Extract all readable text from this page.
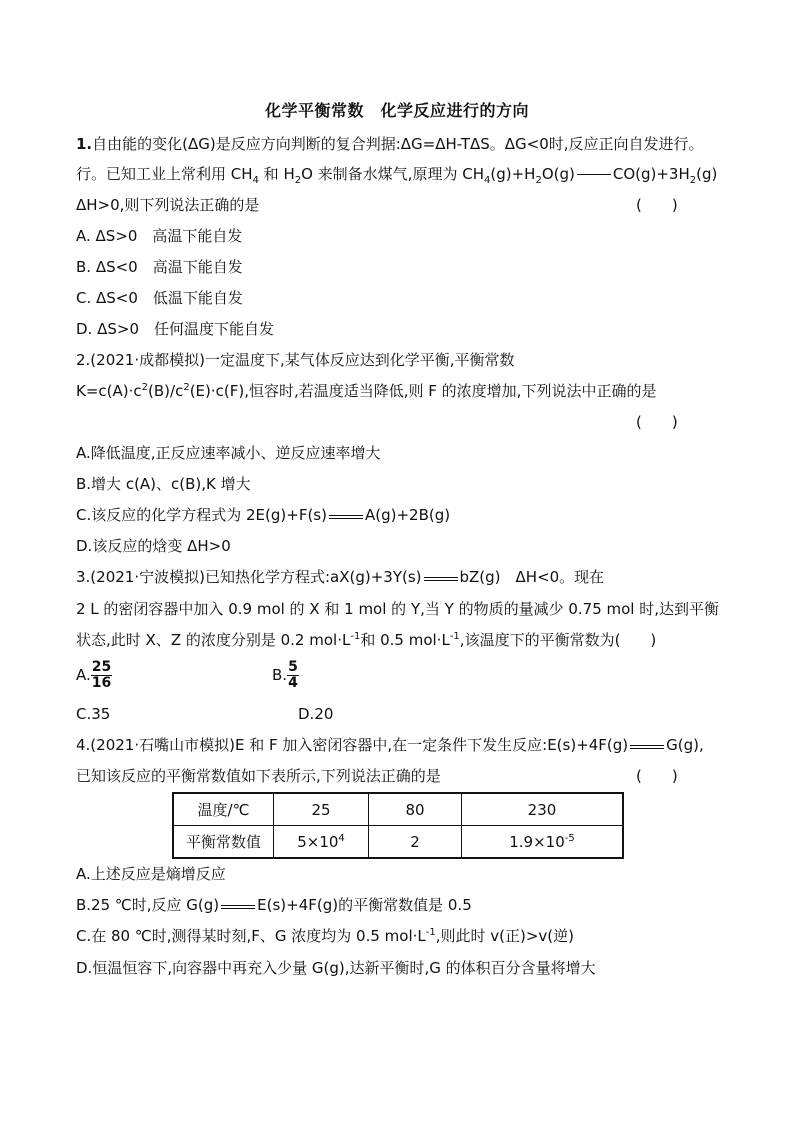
化学平衡常数　化学反应进行的方向
1.自由能的变化(ΔG)是反应方向判断的复合判据:ΔG=ΔH-TΔS。ΔG<0时,反应正向自发进行。
行。已知工业上常利用 $CH_4$ 和 $H_2O$ 来制备水煤气,原理为 $CH_4(g)+H_2O(g)$	$CO(g)+3H_2(g)$
ΔH>0,则下列说法正确的是	(　　)
A. ΔS>0　高温下能自发
B. ΔS<0　高温下能自发
C. ΔS<0　低温下能自发
D. ΔS>0　任何温度下能自发
2.(2021·成都模拟)一定温度下,某气体反应达到化学平衡,平衡常数
$K=c(A)\cdot c^2(B)/c^2(E)\cdot c(F)$,恒容时,若温度适当降低,则 F 的浓度增加,下列说法中正确的是
(　　)
A.降低温度,正反应速率减小、逆反应速率增大
B.增大 c(A)、c(B),K 增大
C.该反应的化学方程式为 2E(g)+F(s)	A(g)+2B(g)
D.该反应的焓变 ΔH>0
3.(2021·宁波模拟)已知热化学方程式:aX(g)+3Y(s)	bZ(g)　ΔH<0。现在
2 L 的密闭容器中加入 0.9 mol 的 X 和 1 mol 的 Y,当 Y 的物质的量减少 0.75 mol 时,达到平衡
状态,此时 X、Z 的浓度分别是 0.2 $mol\cdot L^{-1}$和 0.5 $mol\cdot L^{-1}$,该温度下的平衡常数为(　　)
A. $\frac{25}{16}$	B. $\frac{5}{4}$
C.35	D.20
4.(2021·石嘴山市模拟)E 和 F 加入密闭容器中,在一定条件下发生反应:E(s)+4F(g)	G(g),
已知该反应的平衡常数值如下表所示,下列说法正确的是	(　　)
温度/℃	25	80	230
平衡常数值	$5\times 10^4$	2	$1.9\times 10^{-5}$
A.上述反应是熵增反应
B.25 ℃时,反应 G(g)	E(s)+4F(g)的平衡常数值是 0.5
C.在 80 ℃时,测得某时刻,F、G 浓度均为 0.5 $mol\cdot L^{-1}$,则此时 v(正)>v(逆)
D.恒温恒容下,向容器中再充入少量 G(g),达新平衡时,G 的体积百分含量将增大
